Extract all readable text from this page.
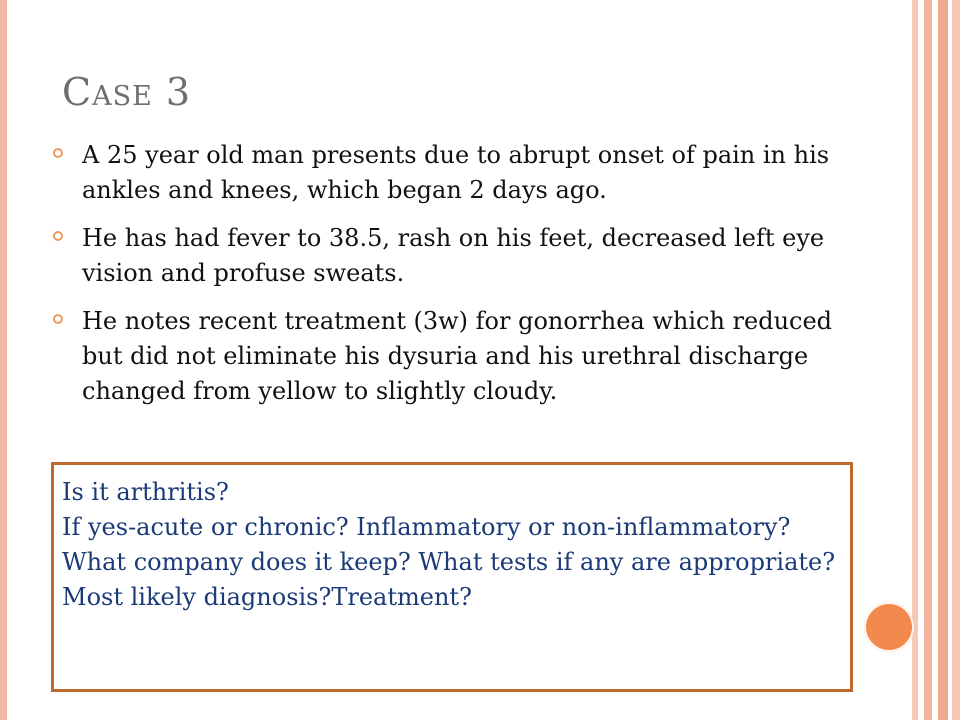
Case 3
A 25 year old man presents due to abrupt onset of pain in his ankles and knees, which began 2 days ago.
He has had fever to 38.5, rash on his feet, decreased left eye vision and profuse sweats.
He notes recent treatment (3w) for gonorrhea which reduced but did not eliminate his dysuria and his urethral discharge changed from yellow to slightly cloudy.
Is it arthritis?
If yes-acute or chronic? Inflammatory or non-inflammatory?
What company does it keep? What tests if any are appropriate? Most likely diagnosis?Treatment?
